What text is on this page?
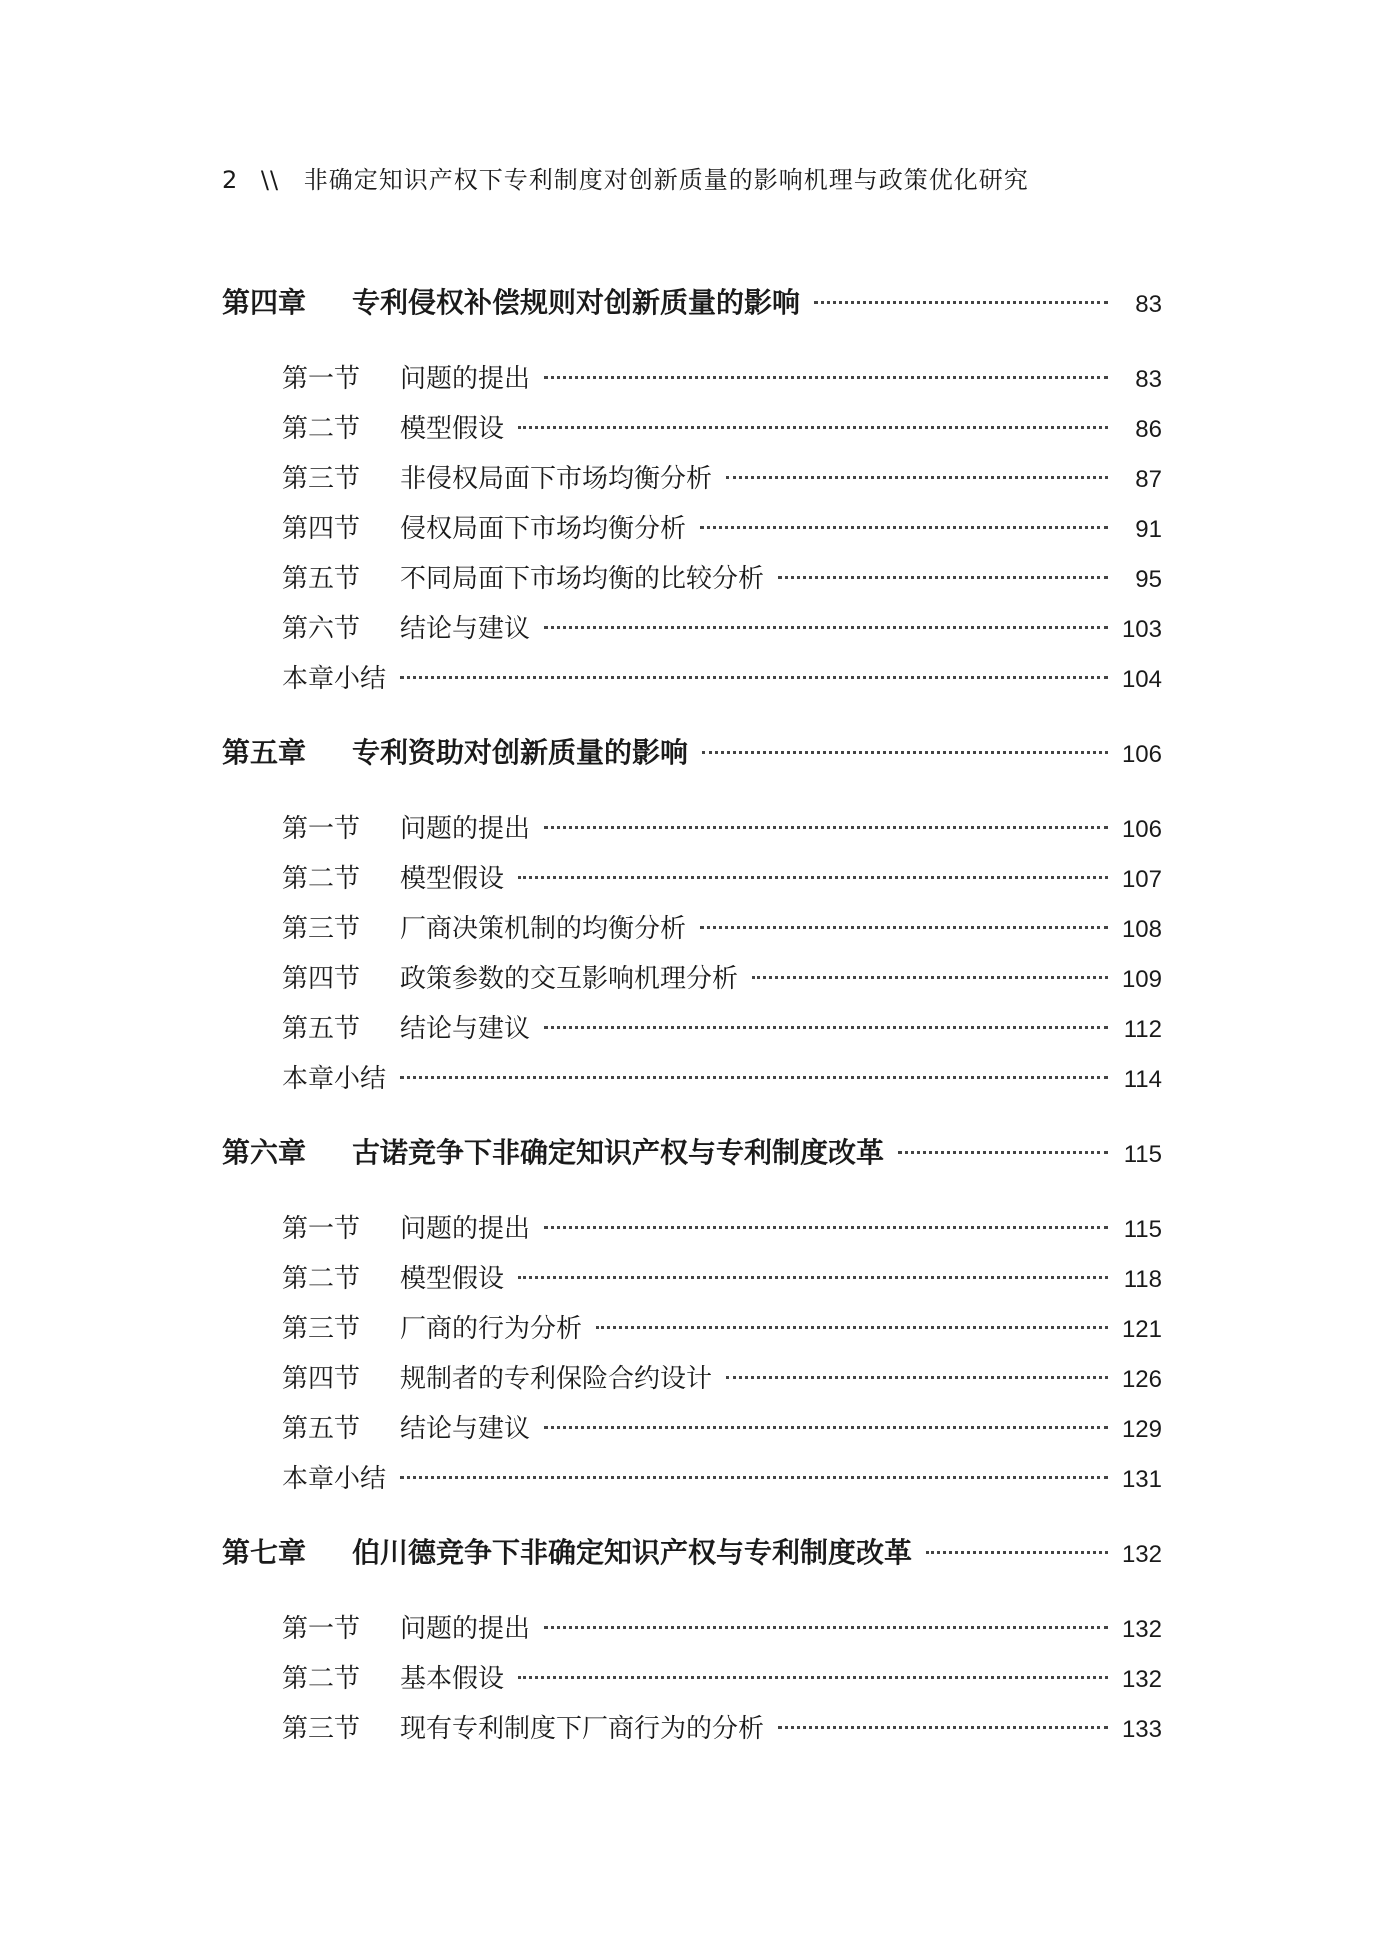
2 \\ 非确定知识产权下专利制度对创新质量的影响机理与政策优化研究
第四章	专利侵权补偿规则对创新质量的影响	83
第一节	问题的提出	83
第二节	模型假设	86
第三节	非侵权局面下市场均衡分析	87
第四节	侵权局面下市场均衡分析	91
第五节	不同局面下市场均衡的比较分析	95
第六节	结论与建议	103
本章小结	104
第五章	专利资助对创新质量的影响	106
第一节	问题的提出	106
第二节	模型假设	107
第三节	厂商决策机制的均衡分析	108
第四节	政策参数的交互影响机理分析	109
第五节	结论与建议	112
本章小结	114
第六章	古诺竞争下非确定知识产权与专利制度改革	115
第一节	问题的提出	115
第二节	模型假设	118
第三节	厂商的行为分析	121
第四节	规制者的专利保险合约设计	126
第五节	结论与建议	129
本章小结	131
第七章	伯川德竞争下非确定知识产权与专利制度改革	132
第一节	问题的提出	132
第二节	基本假设	132
第三节	现有专利制度下厂商行为的分析	133
